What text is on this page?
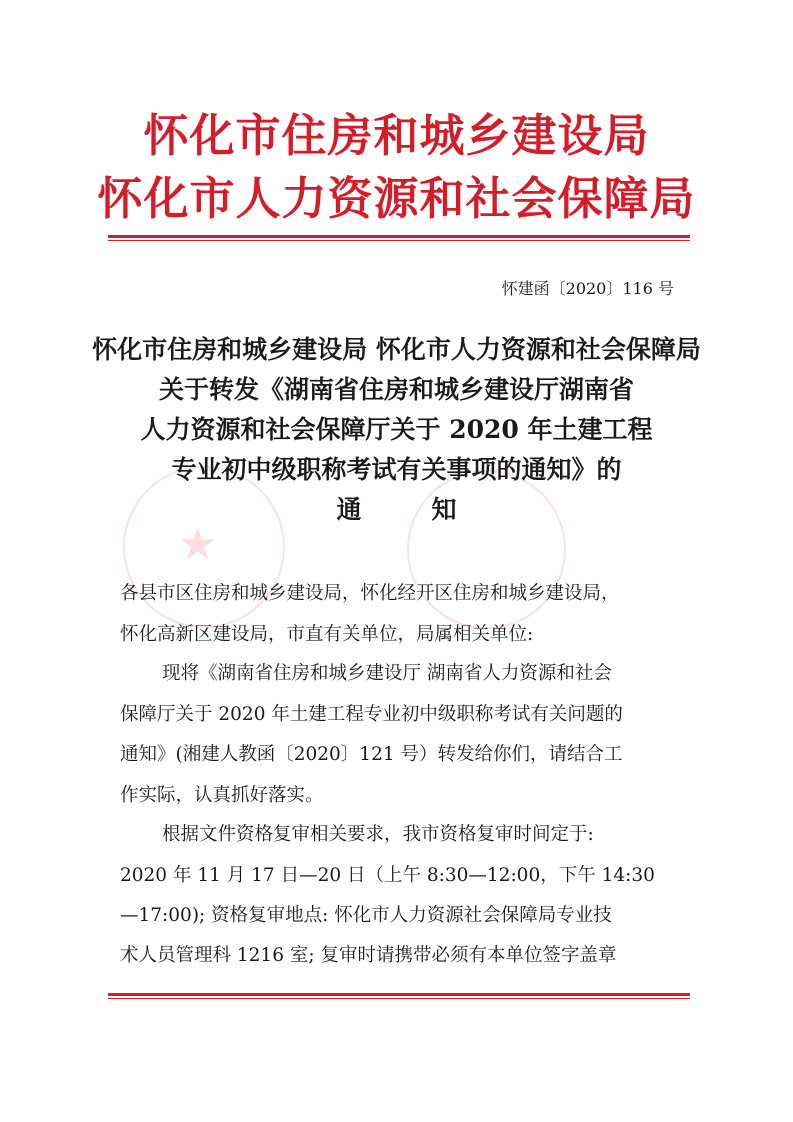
★
怀化市住房和城乡建设局
怀化市人力资源和社会保障局
怀建函〔2020〕116 号
怀化市住房和城乡建设局 怀化市人力资源和社会保障局
关于转发《湖南省住房和城乡建设厅湖南省
人力资源和社会保障厅关于 2020 年土建工程
专业初中级职称考试有关事项的通知》的
通	知
各县市区住房和城乡建设局，怀化经开区住房和城乡建设局，
怀化高新区建设局，市直有关单位，局属相关单位:
现将《湖南省住房和城乡建设厅 湖南省人力资源和社会
保障厅关于 2020 年土建工程专业初中级职称考试有关问题的
通知》(湘建人教函〔2020〕121 号）转发给你们，请结合工
作实际，认真抓好落实。
根据文件资格复审相关要求，我市资格复审时间定于:
2020 年 11 月 17 日—20 日（上午 8:30—12:00，下午 14:30
—17:00); 资格复审地点: 怀化市人力资源社会保障局专业技
术人员管理科 1216 室; 复审时请携带必须有本单位签字盖章
